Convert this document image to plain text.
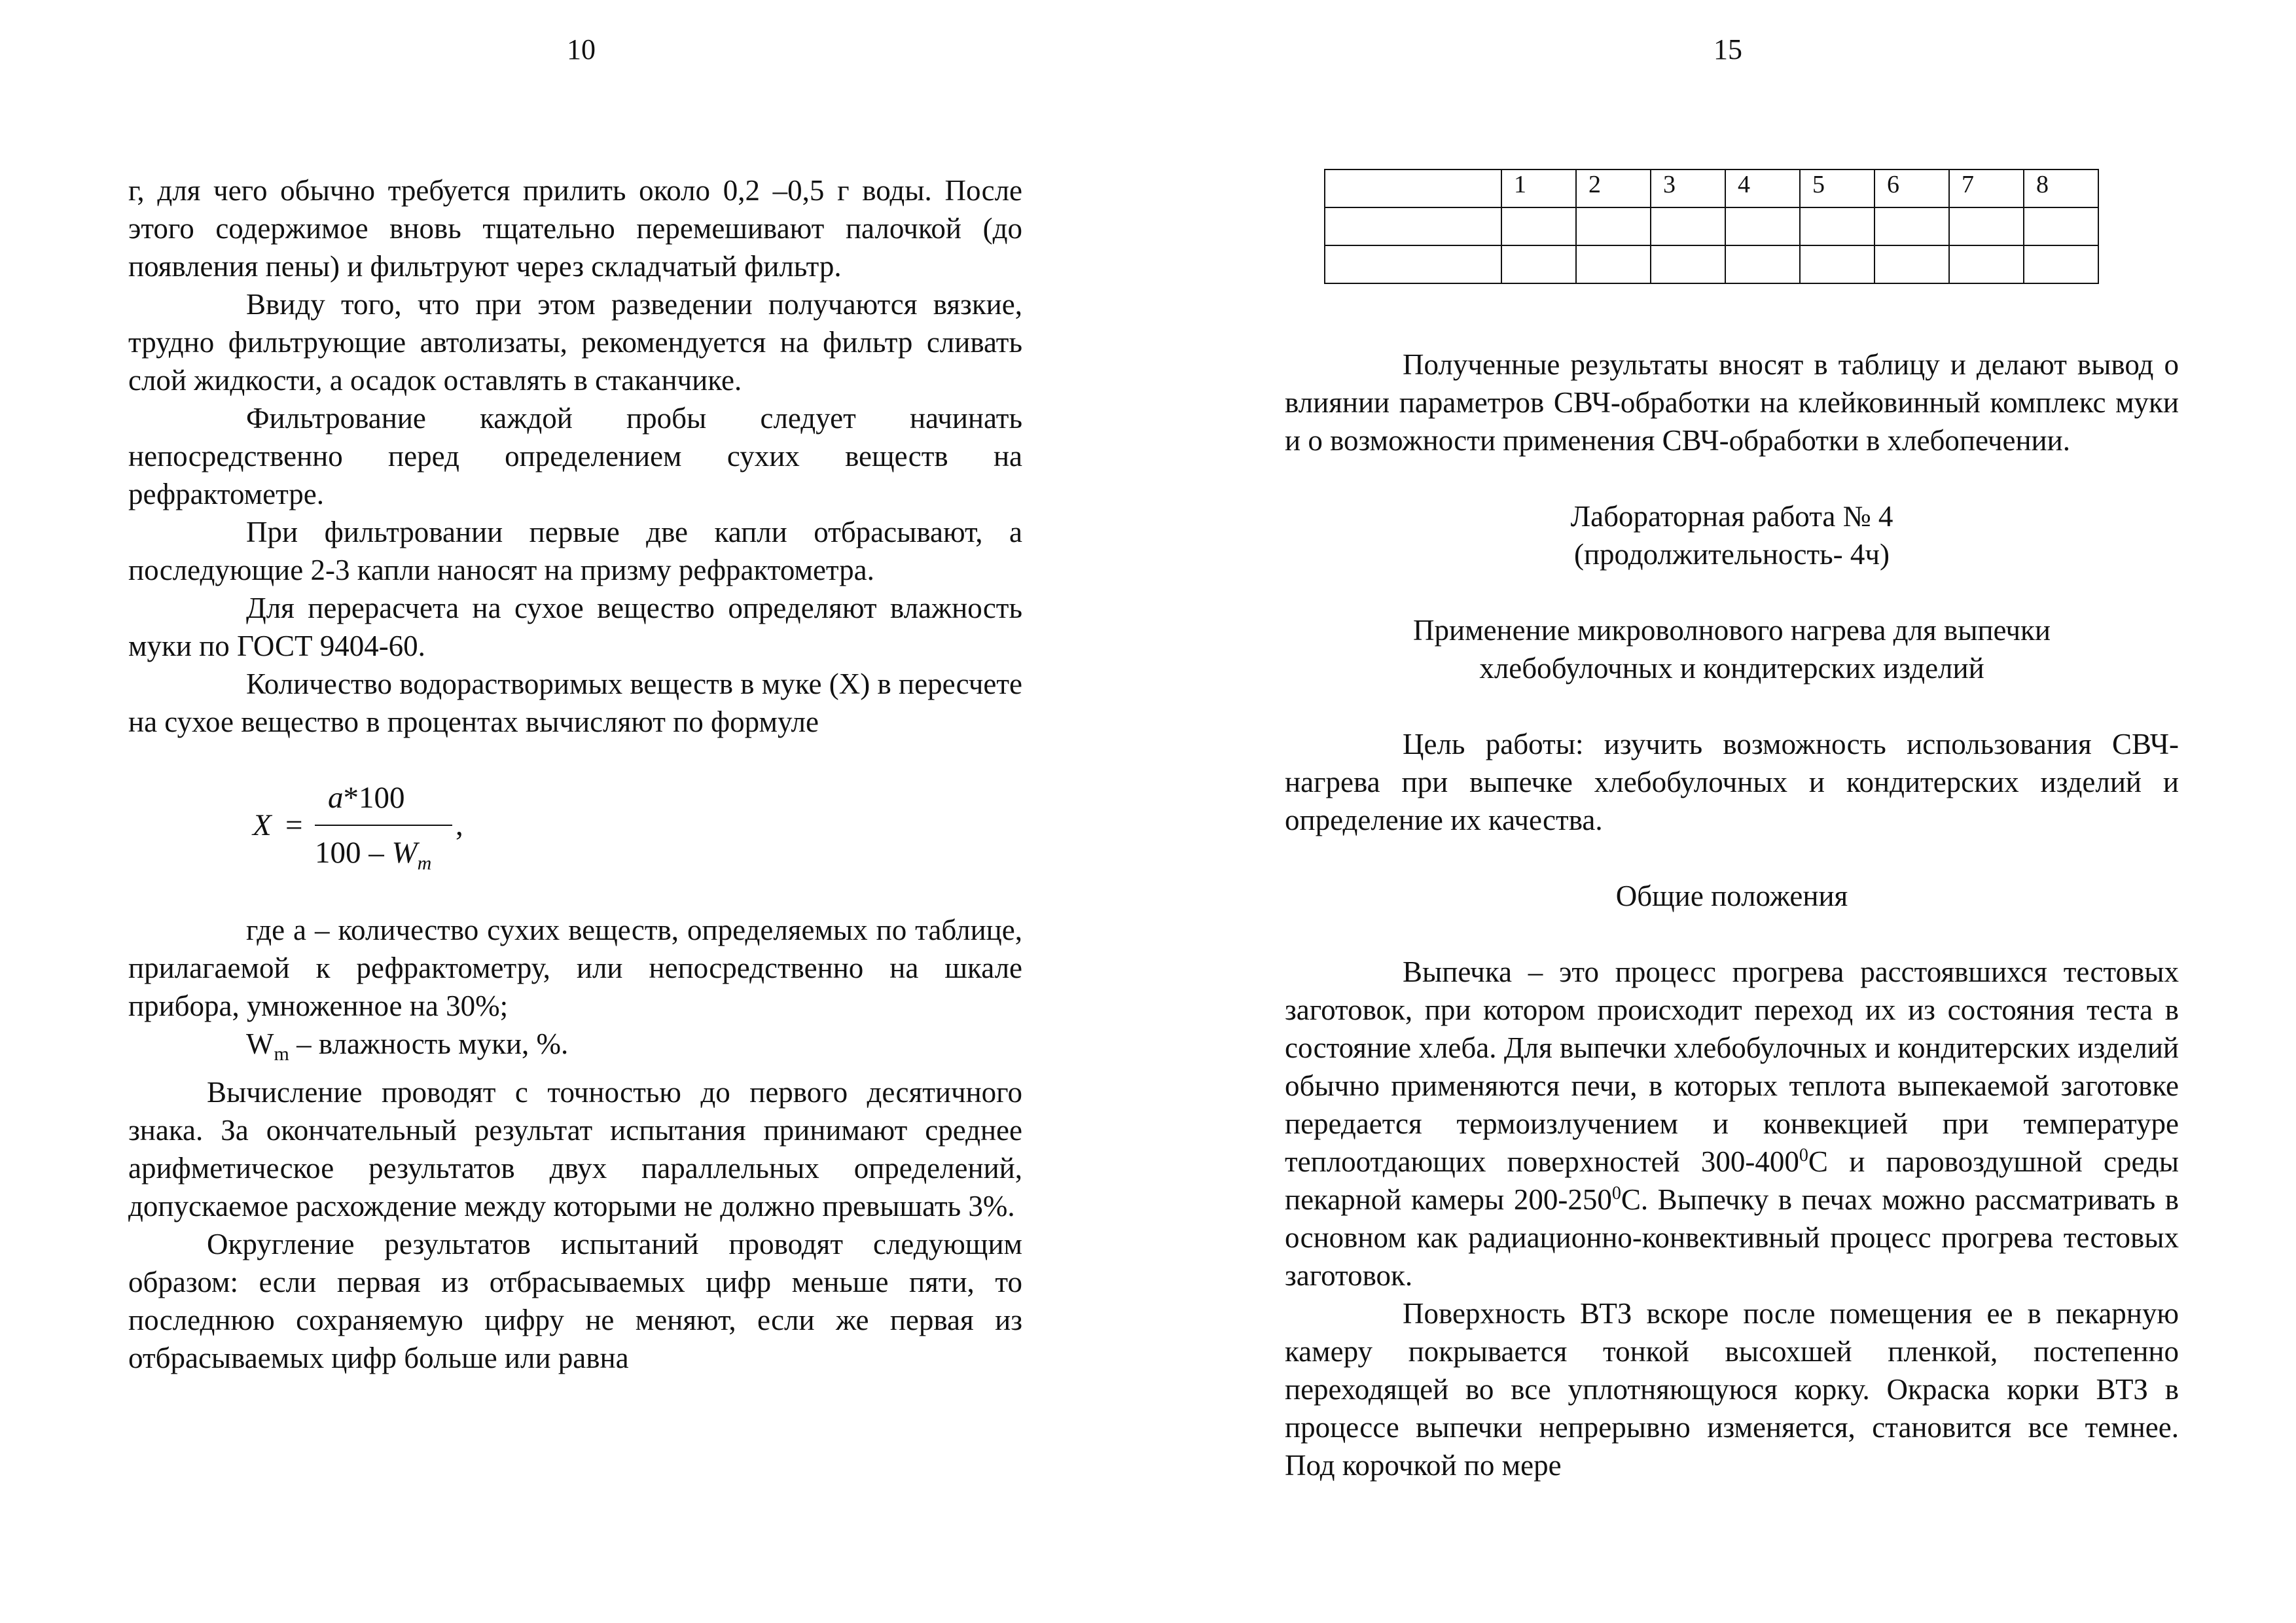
10

г, для чего обычно требуется прилить около 0,2 –0,5 г воды. После этого содержимое вновь тщательно перемешивают палочкой (до появления пены) и фильтруют через складчатый фильтр.

Ввиду того, что при этом разведении получаются вязкие, трудно фильтрующие автолизаты, рекомендуется на фильтр сливать слой жидкости, а осадок оставлять в стаканчике.

Фильтрование каждой пробы следует начинать непосредственно перед определением сухих веществ на рефрактометре.

При фильтровании первые две капли отбрасывают, а последующие 2-3 капли наносят на призму рефрактометра.

Для перерасчета на сухое вещество определяют влажность муки по ГОСТ 9404-60.

Количество водорастворимых веществ в муке (Х) в пересчете на сухое вещество в процентах вычисляют по формуле

X =
a*100
$100 - W_m$
,

где а – количество сухих веществ, определяемых по таблице, прилагаемой к рефрактометру, или непосредственно на шкале прибора, умноженное на 30%;

$W_m$ – влажность муки, %.

Вычисление проводят с точностью до первого десятичного знака. За окончательный результат испытания принимают среднее арифметическое результатов двух параллельных определений, допускаемое расхождение между которыми не должно превышать 3%.

Округление результатов испытаний проводят следующим образом: если первая из отбрасываемых цифр меньше пяти, то последнюю сохраняемую цифру не меняют, если же первая из отбрасываемых цифр больше или равна

15
	1	2	3	4	5	6	7	8

Полученные результаты вносят в таблицу и делают вывод о влиянии параметров СВЧ-обработки на клейковинный комплекс муки и о возможности применения СВЧ-обработки в хлебопечении.

Лабораторная работа № 4

(продолжительность- 4ч)

Применение микроволнового нагрева для выпечки

хлебобулочных и кондитерских изделий

Цель работы: изучить возможность использования СВЧ-нагрева при выпечке хлебобулочных и кондитерских изделий и определение их качества.

Общие положения

Выпечка – это процесс прогрева расстоявшихся тестовых заготовок, при котором происходит переход их из состояния теста в состояние хлеба. Для выпечки хлебобулочных и кондитерских изделий обычно применяются печи, в которых теплота выпекаемой заготовке передается термоизлучением и конвекцией при температуре теплоотдающих поверхностей $300-400^0С$ и паровоздушной среды пекарной камеры $200-250^0С$. Выпечку в печах можно рассматривать в основном как радиационно-конвективный процесс прогрева тестовых заготовок.

Поверхность ВТЗ вскоре после помещения ее в пекарную камеру покрывается тонкой высохшей пленкой, постепенно переходящей во все уплотняющуюся корку. Окраска корки ВТЗ в процессе выпечки непрерывно изменяется, становится все темнее. Под корочкой по мере
